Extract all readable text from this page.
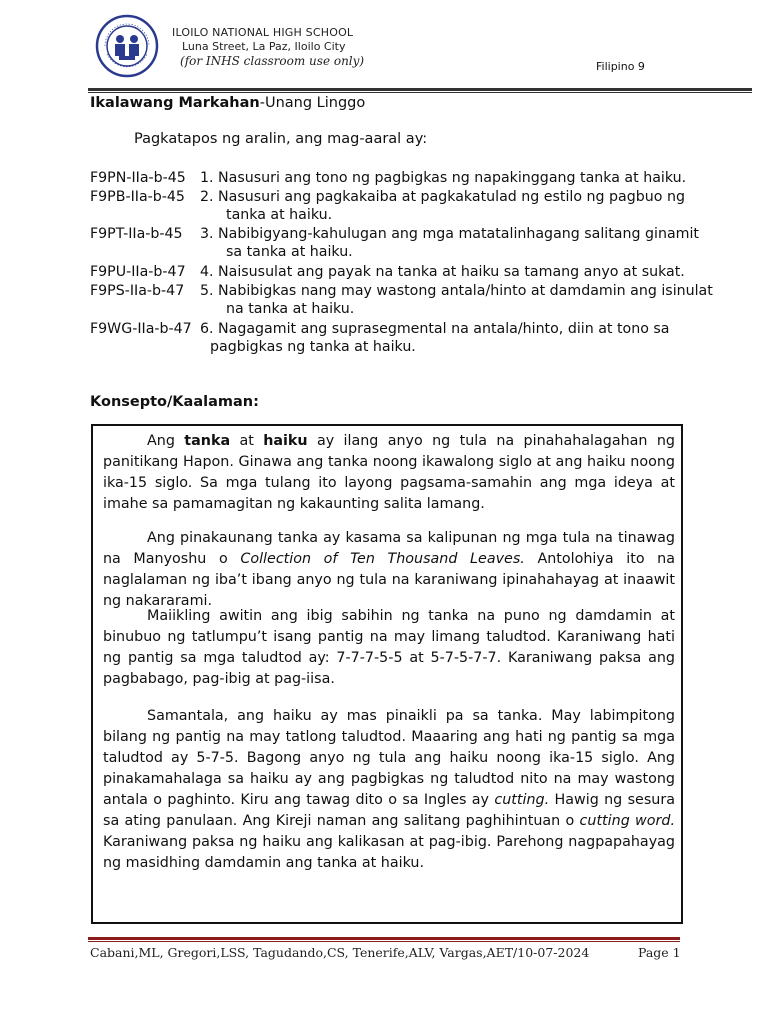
ILOILO NATIONAL HIGH SCHOOL
Luna Street, La Paz, Iloilo City
(for INHS classroom use only)	Filipino 9
Ikalawang Markahan-Unang Linggo
Pagkatapos ng aralin, ang mag-aaral ay:
F9PN-IIa-b-45 1. Nasusuri ang tono ng pagbigkas ng napakinggang tanka at haiku.
F9PB-IIa-b-45 2. Nasusuri ang pagkakaiba at pagkakatulad ng estilo ng pagbuo ng
tanka at haiku.
F9PT-IIa-b-45 3. Nabibigyang-kahulugan ang mga matatalinhagang salitang ginamit
sa tanka at haiku.
F9PU-IIa-b-47 4. Naisusulat ang payak na tanka at haiku sa tamang anyo at sukat.
F9PS-IIa-b-47 5. Nabibigkas nang may wastong antala/hinto at damdamin ang isinulat
na tanka at haiku.
F9WG-IIa-b-47 6. Nagagamit ang suprasegmental na antala/hinto, diin at tono sa
pagbigkas ng tanka at haiku.
Konsepto/Kaalaman:

Ang tanka at haiku ay ilang anyo ng tula na pinahahalagahan ng panitikang Hapon. Ginawa ang tanka noong ikawalong siglo at ang haiku noong ika-15 siglo. Sa mga tulang ito layong pagsama-samahin ang mga ideya at imahe sa pamamagitan ng kakaunting salita lamang.

Ang pinakaunang tanka ay kasama sa kalipunan ng mga tula na tinawag na Manyoshu o Collection of Ten Thousand Leaves. Antolohiya ito na naglalaman ng iba’t ibang anyo ng tula na karaniwang ipinahahayag at inaawit ng nakararami.

Maiikling awitin ang ibig sabihin ng tanka na puno ng damdamin at binubuo ng tatlumpu’t isang pantig na may limang taludtod. Karaniwang hati ng pantig sa mga taludtod ay: 7-7-7-5-5 at 5-7-5-7-7. Karaniwang paksa ang pagbabago, pag-ibig at pag-iisa.

Samantala, ang haiku ay mas pinaikli pa sa tanka. May labimpitong bilang ng pantig na may tatlong taludtod. Maaaring ang hati ng pantig sa mga taludtod ay 5-7-5. Bagong anyo ng tula ang haiku noong ika-15 siglo. Ang pinakamahalaga sa haiku ay ang pagbigkas ng taludtod nito na may wastong antala o paghinto. Kiru ang tawag dito o sa Ingles ay cutting. Hawig ng sesura sa ating panulaan. Ang Kireji naman ang salitang paghihintuan o cutting word. Karaniwang paksa ng haiku ang kalikasan at pag-ibig. Parehong nagpapahayag ng masidhing damdamin ang tanka at haiku.

Cabani,ML, Gregori,LSS, Tagudando,CS, Tenerife,ALV, Vargas,AET/10-07-2024	Page 1
